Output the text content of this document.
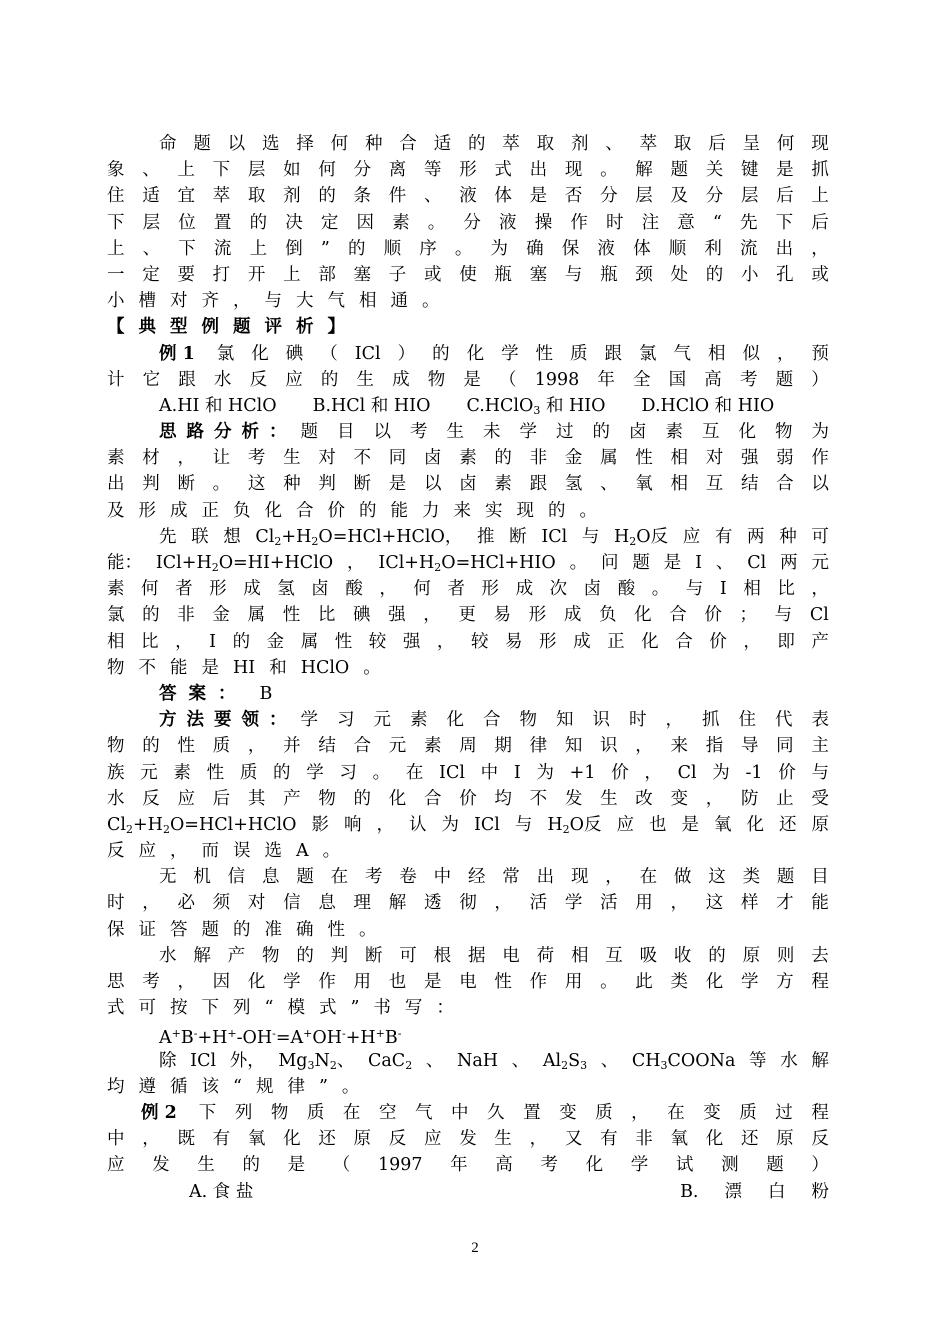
命 题 以 选 择 何 种 合 适 的 萃 取 剂 、 萃 取 后 呈 何 现
象 、 上 下 层 如 何 分 离 等 形 式 出 现 。 解 题 关 键 是 抓
住 适 宜 萃 取 剂 的 条 件 、 液 体 是 否 分 层 及 分 层 后 上
下 层 位 置 的 决 定 因 素 。 分 液 操 作 时 注 意 “ 先 下 后
上 、 下 流 上 倒 ” 的 顺 序 。 为 确 保 液 体 顺 利 流 出 ，
一 定 要 打 开 上 部 塞 子 或 使 瓶 塞 与 瓶 颈 处 的 小 孔 或
小 槽 对 齐 ， 与 大 气 相 通 。
【 典 型 例 题 评 析 】
例 1 氯 化 碘 （ ICl ） 的 化 学 性 质 跟 氯 气 相 似 ， 预
计 它 跟 水 反 应 的 生 成 物 是 （ 1998 年 全 国 高 考 题 ）
A.HI 和 HClO B.HCl 和 HIO C.HClO$_3$ 和 HIO D.HClO 和 HIO
思 路 分 析 ： 题 目 以 考 生 未 学 过 的 卤 素 互 化 物 为
素 材 ， 让 考 生 对 不 同 卤 素 的 非 金 属 性 相 对 强 弱 作
出 判 断 。 这 种 判 断 是 以 卤 素 跟 氢 、 氧 相 互 结 合 以
及 形 成 正 负 化 合 价 的 能 力 来 实 现 的 。
先 联 想 $Cl_2+H_2O=HCl+HClO$， 推 断 ICl 与 $H_2O$反 应 有 两 种 可
能： $ICl+H_2O=HI+HClO$ ， $ICl+H_2O=HCl+HIO$ 。 问 题 是 I 、 Cl 两 元
素 何 者 形 成 氢 卤 酸 ， 何 者 形 成 次 卤 酸 。 与 I 相 比 ，
氯 的 非 金 属 性 比 碘 强 ， 更 易 形 成 负 化 合 价 ； 与 Cl
相 比 ， I 的 金 属 性 较 强 ， 较 易 形 成 正 化 合 价 ， 即 产
物 不 能 是 HI 和 HClO 。
答 案 ： B
方 法 要 领 ： 学 习 元 素 化 合 物 知 识 时 ， 抓 住 代 表
物 的 性 质 ， 并 结 合 元 素 周 期 律 知 识 ， 来 指 导 同 主
族 元 素 性 质 的 学 习 。 在 ICl 中 I 为 +1 价 ， Cl 为 -1 价 与
水 反 应 后 其 产 物 的 化 合 价 均 不 发 生 改 变 ， 防 止 受
$Cl_2+H_2O=HCl+HClO$ 影 响 ， 认 为 ICl 与 $H_2O$反 应 也 是 氧 化 还 原
反 应 ， 而 误 选 A 。
无 机 信 息 题 在 考 卷 中 经 常 出 现 ， 在 做 这 类 题 目
时 ， 必 须 对 信 息 理 解 透 彻 ， 活 学 活 用 ， 这 样 才 能
保 证 答 题 的 准 确 性 。
水 解 产 物 的 判 断 可 根 据 电 荷 相 互 吸 收 的 原 则 去
思 考 ， 因 化 学 作 用 也 是 电 性 作 用 。 此 类 化 学 方 程
式 可 按 下 列 “ 模 式 ” 书 写 ：
A+B-+H+-OH-=A+OH-+H+B-
除 ICl 外， $Mg_3N_2$、 CaC$_2$ 、 NaH 、 $Al_2S_3$ 、 $CH_3COONa$ 等 水 解
均 遵 循 该 “ 规 律 ” 。
例 2 下 列 物 质 在 空 气 中 久 置 变 质 ， 在 变 质 过 程
中 ， 既 有 氧 化 还 原 反 应 发 生 ， 又 有 非 氧 化 还 原 反
应 发 生 的 是 （ 1997 年 高 考 化 学 试 测 题 ）
A. 食 盐	B. 漂 白 粉
2
